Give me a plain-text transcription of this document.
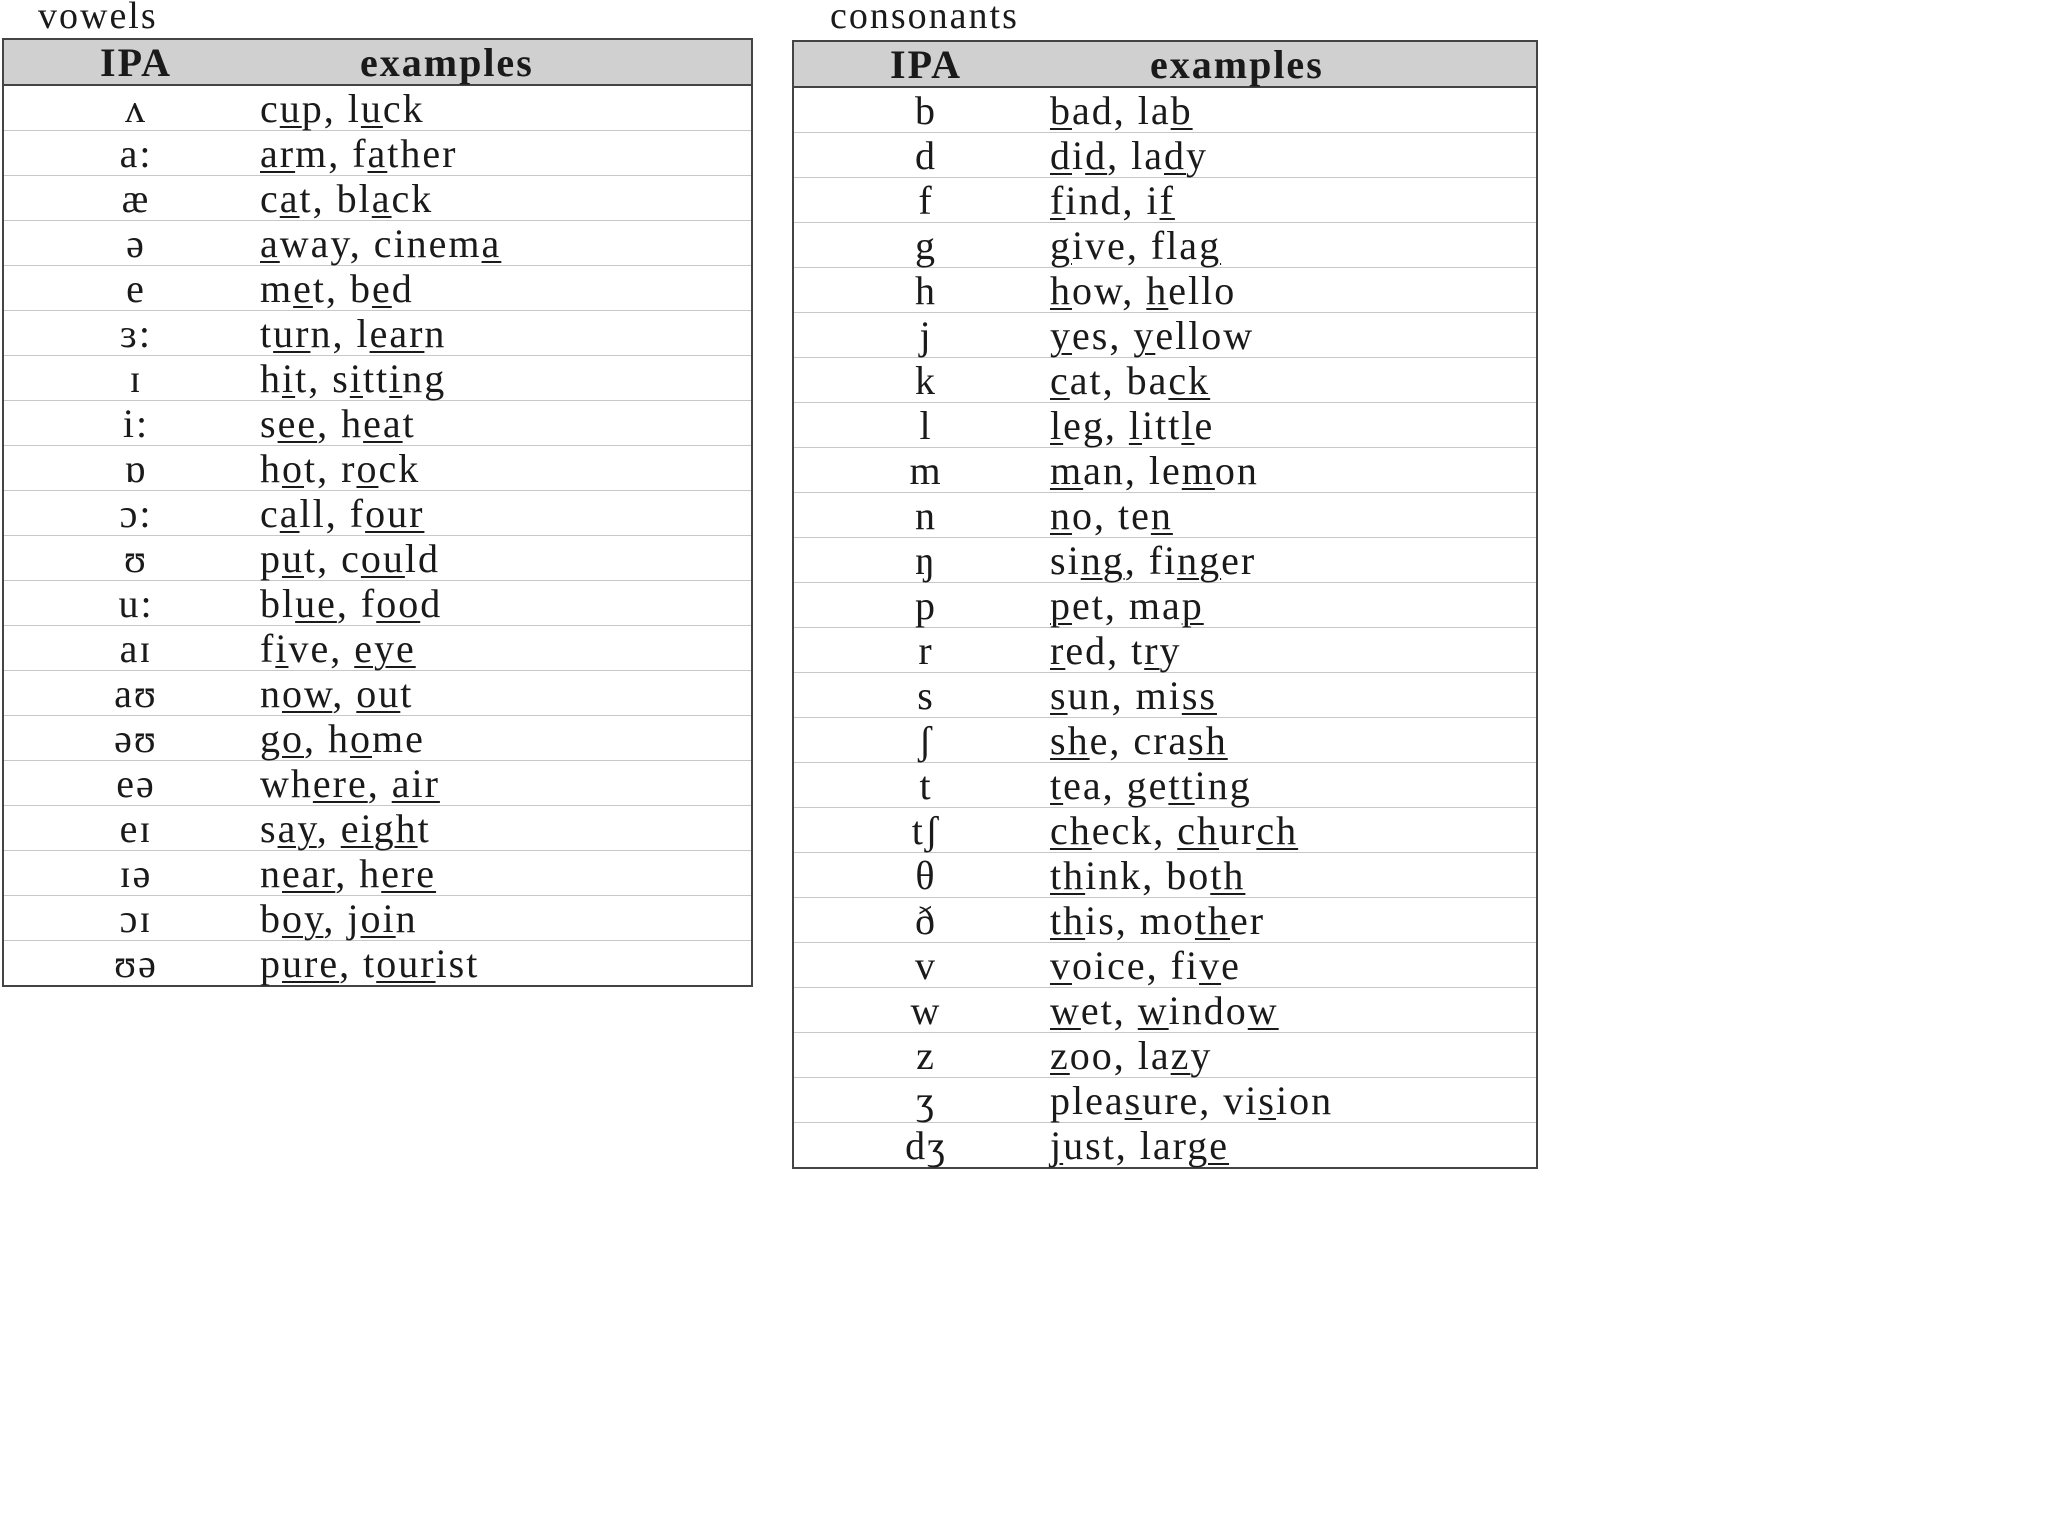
vowels	consonants
IPA	examples
ʌ	cup, luck
a:	arm, father
æ	cat, black
ə	away, cinema
e	met, bed
ɜ:	turn, learn
ɪ	hit, sitting
i:	see, heat
ɒ	hot, rock
ɔ:	call, four
ʊ	put, could
u:	blue, food
aɪ	five, eye
aʊ	now, out
əʊ	go, home
eə	where, air
eɪ	say, eight
ɪə	near, here
ɔɪ	boy, join
ʊə	pure, tourist
IPA	examples
b	bad, lab
d	did, lady
f	find, if
g	give, flag
h	how, hello
j	yes, yellow
k	cat, back
l	leg, little
m	man, lemon
n	no, ten
ŋ	sing, finger
p	pet, map
r	red, try
s	sun, miss
ʃ	she, crash
t	tea, getting
tʃ	check, church
θ	think, both
ð	this, mother
v	voice, five
w	wet, window
z	zoo, lazy
ʒ	pleasure, vision
dʒ	just, large
